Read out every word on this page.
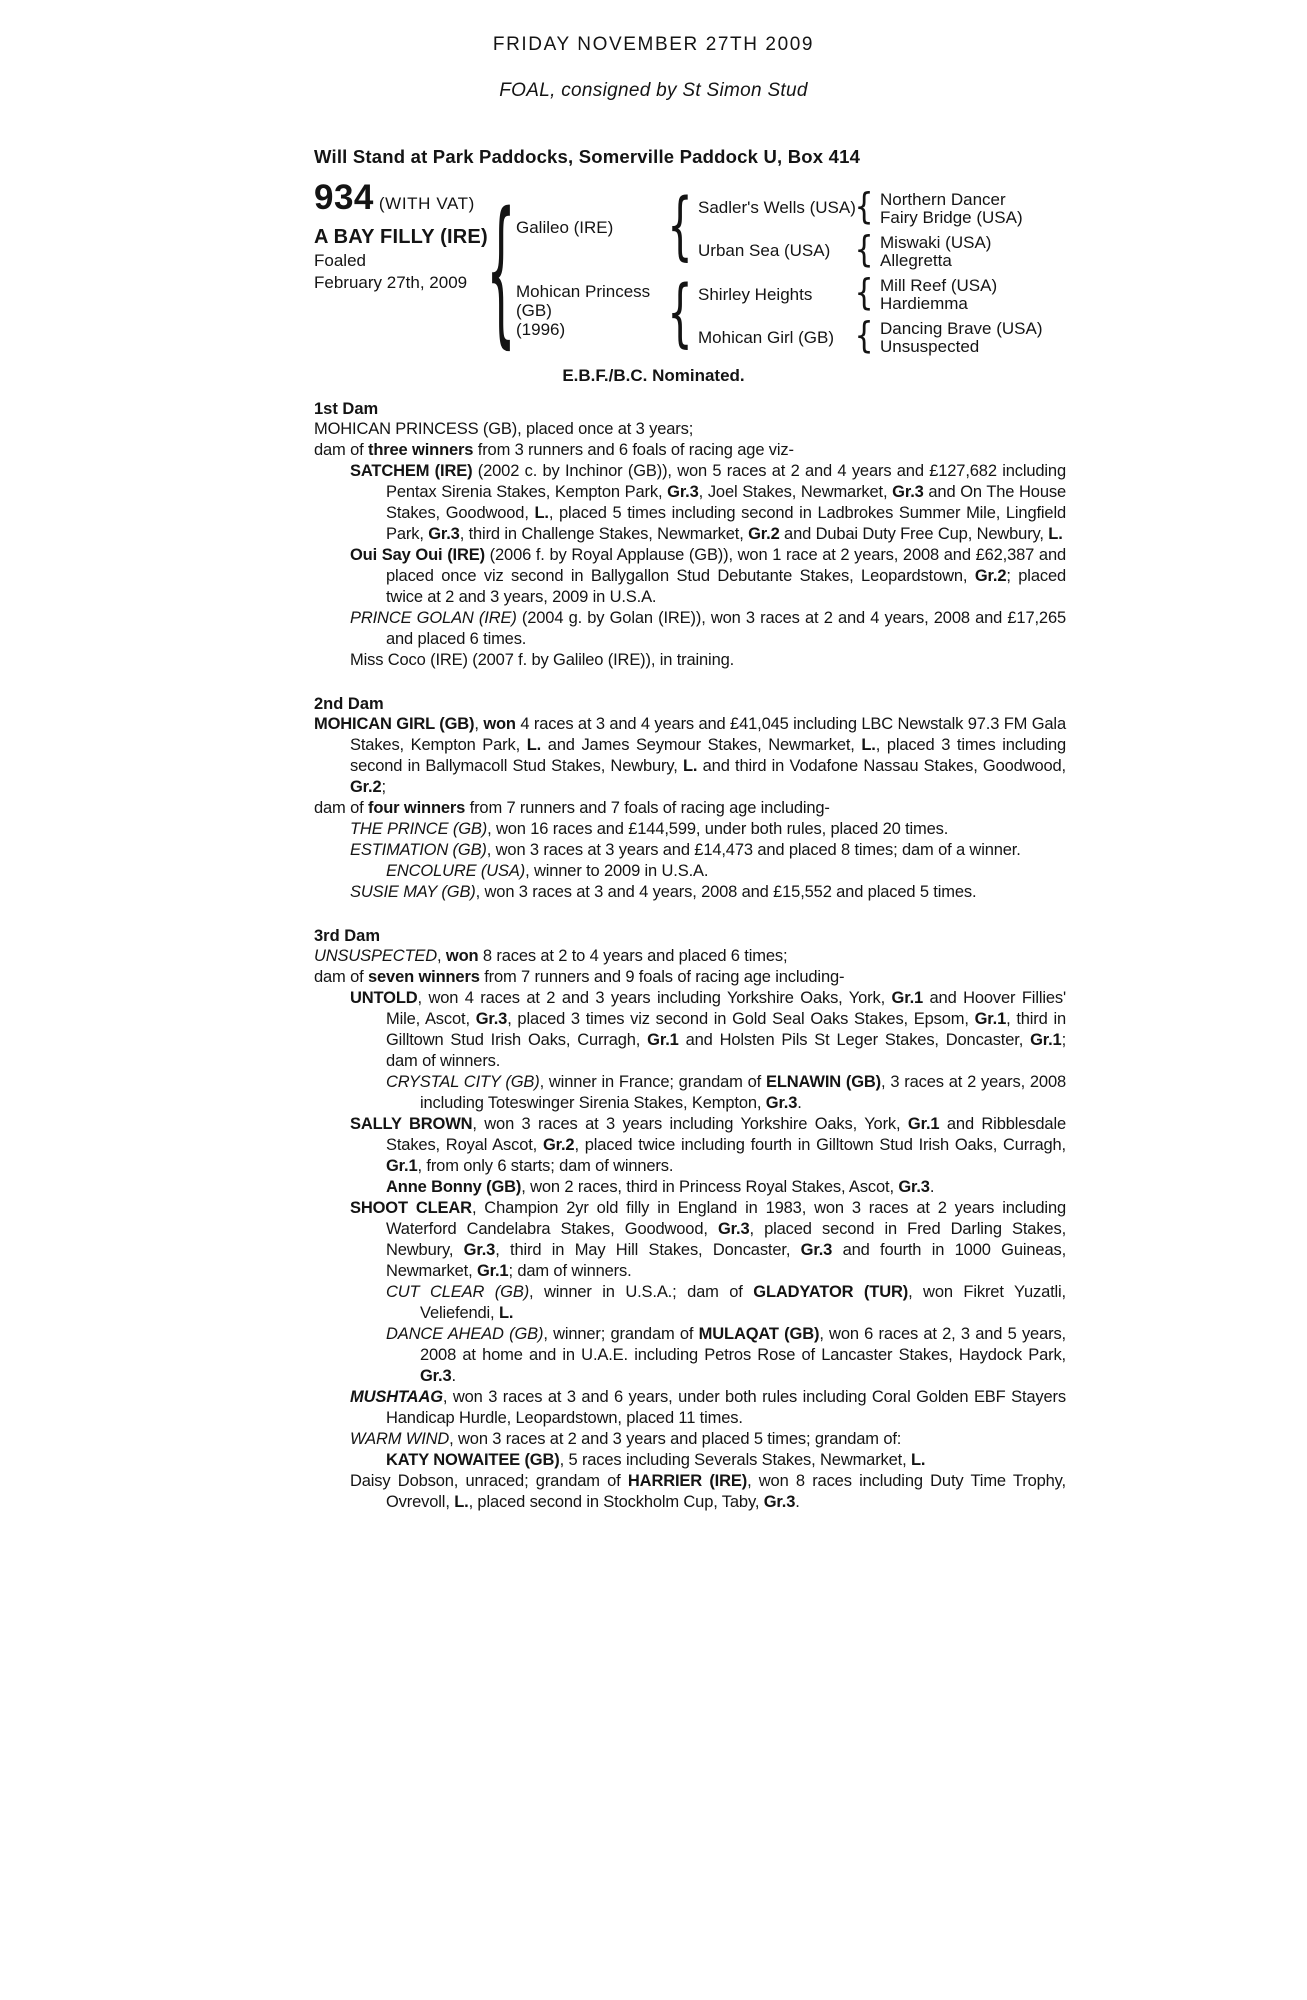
FRIDAY NOVEMBER 27TH 2009
FOAL, consigned by St Simon Stud
Will Stand at Park Paddocks, Somerville Paddock U, Box 414
934 (WITH VAT)
A BAY FILLY (IRE)
Foaled
February 27th, 2009 { Galileo (IRE)
Mohican Princess
(GB)
(1996)
{
{
Sadler's Wells (USA)
Urban Sea (USA)
Shirley Heights
Mohican Girl (GB)
{
{
{
{
Northern Dancer
Fairy Bridge (USA)
Miswaki (USA)
Allegretta
Mill Reef (USA)
Hardiemma
Dancing Brave (USA)
Unsuspected
E.B.F./B.C. Nominated.
1st Dam

MOHICAN PRINCESS (GB), placed once at 3 years;

dam of three winners from 3 runners and 6 foals of racing age viz-

SATCHEM (IRE) (2002 c. by Inchinor (GB)), won 5 races at 2 and 4 years and £127,682 including Pentax Sirenia Stakes, Kempton Park, Gr.3, Joel Stakes, Newmarket, Gr.3 and On The House Stakes, Goodwood, L., placed 5 times including second in Ladbrokes Summer Mile, Lingfield Park, Gr.3, third in Challenge Stakes, Newmarket, Gr.2 and Dubai Duty Free Cup, Newbury, L.

Oui Say Oui (IRE) (2006 f. by Royal Applause (GB)), won 1 race at 2 years, 2008 and £62,387 and placed once viz second in Ballygallon Stud Debutante Stakes, Leopardstown, Gr.2; placed twice at 2 and 3 years, 2009 in U.S.A.

PRINCE GOLAN (IRE) (2004 g. by Golan (IRE)), won 3 races at 2 and 4 years, 2008 and £17,265 and placed 6 times.

Miss Coco (IRE) (2007 f. by Galileo (IRE)), in training.

2nd Dam

MOHICAN GIRL (GB), won 4 races at 3 and 4 years and £41,045 including LBC Newstalk 97.3 FM Gala Stakes, Kempton Park, L. and James Seymour Stakes, Newmarket, L., placed 3 times including second in Ballymacoll Stud Stakes, Newbury, L. and third in Vodafone Nassau Stakes, Goodwood, Gr.2;

dam of four winners from 7 runners and 7 foals of racing age including-

THE PRINCE (GB), won 16 races and £144,599, under both rules, placed 20 times.

ESTIMATION (GB), won 3 races at 3 years and £14,473 and placed 8 times; dam of a winner.

ENCOLURE (USA), winner to 2009 in U.S.A.

SUSIE MAY (GB), won 3 races at 3 and 4 years, 2008 and £15,552 and placed 5 times.

3rd Dam

UNSUSPECTED, won 8 races at 2 to 4 years and placed 6 times;

dam of seven winners from 7 runners and 9 foals of racing age including-

UNTOLD, won 4 races at 2 and 3 years including Yorkshire Oaks, York, Gr.1 and Hoover Fillies' Mile, Ascot, Gr.3, placed 3 times viz second in Gold Seal Oaks Stakes, Epsom, Gr.1, third in Gilltown Stud Irish Oaks, Curragh, Gr.1 and Holsten Pils St Leger Stakes, Doncaster, Gr.1; dam of winners.

CRYSTAL CITY (GB), winner in France; grandam of ELNAWIN (GB), 3 races at 2 years, 2008 including Toteswinger Sirenia Stakes, Kempton, Gr.3.

SALLY BROWN, won 3 races at 3 years including Yorkshire Oaks, York, Gr.1 and Ribblesdale Stakes, Royal Ascot, Gr.2, placed twice including fourth in Gilltown Stud Irish Oaks, Curragh, Gr.1, from only 6 starts; dam of winners.

Anne Bonny (GB), won 2 races, third in Princess Royal Stakes, Ascot, Gr.3.

SHOOT CLEAR, Champion 2yr old filly in England in 1983, won 3 races at 2 years including Waterford Candelabra Stakes, Goodwood, Gr.3, placed second in Fred Darling Stakes, Newbury, Gr.3, third in May Hill Stakes, Doncaster, Gr.3 and fourth in 1000 Guineas, Newmarket, Gr.1; dam of winners.

CUT CLEAR (GB), winner in U.S.A.; dam of GLADYATOR (TUR), won Fikret Yuzatli, Veliefendi, L.

DANCE AHEAD (GB), winner; grandam of MULAQAT (GB), won 6 races at 2, 3 and 5 years, 2008 at home and in U.A.E. including Petros Rose of Lancaster Stakes, Haydock Park, Gr.3.

MUSHTAAG, won 3 races at 3 and 6 years, under both rules including Coral Golden EBF Stayers Handicap Hurdle, Leopardstown, placed 11 times.

WARM WIND, won 3 races at 2 and 3 years and placed 5 times; grandam of:

KATY NOWAITEE (GB), 5 races including Severals Stakes, Newmarket, L.

Daisy Dobson, unraced; grandam of HARRIER (IRE), won 8 races including Duty Time Trophy, Ovrevoll, L., placed second in Stockholm Cup, Taby, Gr.3.
